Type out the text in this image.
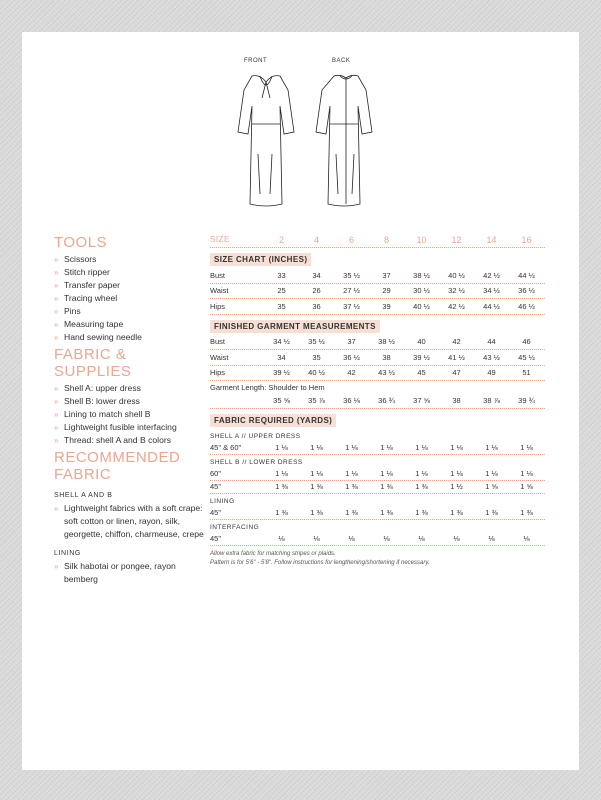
FRONT	BACK
TOOLS
» Scissors
» Stitch ripper
» Transfer paper
» Tracing wheel
» Pins
» Measuring tape
» Hand sewing needle
FABRIC & SUPPLIES
» Shell A: upper dress
» Shell B: lower dress
» Lining to match shell B
» Lightweight fusible interfacing
» Thread: shell A and B colors
RECOMMENDED
FABRIC
SHELL A AND B
» Lightweight fabrics with a soft crape: soft cotton or linen, rayon, silk, georgette, chiffon, charmeuse, crepe
LINING
» Silk habotai or pongee, rayon bemberg
SIZE	2	4	6	8	10	12	14	16
SIZE CHART (INCHES)
Bust	33	34	35 ½	37	38 ½	40 ½	42 ½	44 ½
Waist	25	26	27 ½	29	30 ½	32 ½	34 ½	36 ½
Hips	35	36	37 ½	39	40 ½	42 ½	44 ½	46 ½
FINISHED GARMENT MEASUREMENTS
Bust	34 ½	35 ½	37	38 ½	40	42	44	46
Waist	34	35	36 ½	38	39 ½	41 ½	43 ½	45 ½
Hips	39 ½	40 ½	42	43 ½	45	47	49	51
Garment Length: Shoulder to Hem
35 ⅝	35 ⅞	36 ⅛	36 ¾	37 ⅝	38	38 ⅞	39 ¾
FABRIC REQUIRED (YARDS)
SHELL A // UPPER DRESS
45" & 60"	1 ⅛	1 ⅛	1 ⅛	1 ⅛	1 ⅛	1 ⅛	1 ⅛	1 ⅛
SHELL B // LOWER DRESS
60"	1 ⅛	1 ⅛	1 ⅛	1 ⅛	1 ⅛	1 ⅛	1 ⅛	1 ⅛
45"	1 ⅜	1 ⅜	1 ⅜	1 ⅜	1 ⅜	1 ½	1 ⅝	1 ⅝
LINING
45"	1 ⅜	1 ⅜	1 ⅜	1 ⅜	1 ⅜	1 ⅜	1 ⅜	1 ⅜
INTERFACING
45"	⅛	⅛	⅛	⅛	⅛	⅛	⅛	⅛
Allow extra fabric for matching stripes or plaids.
Pattern is for 5'6" - 5'8". Follow instructions for lengthening/shortening if necessary.
